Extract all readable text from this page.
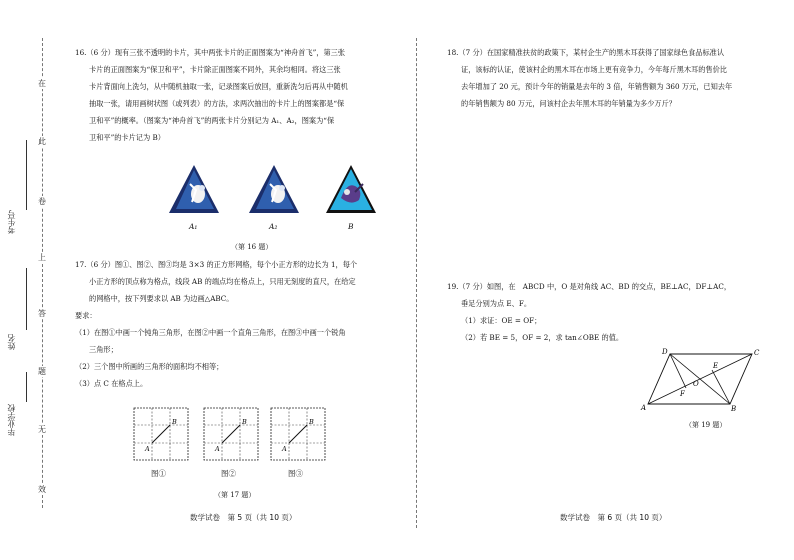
在
此
卷
上
答
题
无
效
考生号
姓名
毕业学校

16.（6 分）现有三张不透明的卡片，其中两张卡片的正面图案为“神舟首飞”，第三张

卡片的正面图案为“保卫和平”，卡片除正面图案不同外，其余均相同。将这三张

卡片背面向上洗匀，从中随机抽取一张，记录图案后放回，重新洗匀后再从中随机

抽取一张，请用画树状图（或列表）的方法，求两次抽出的卡片上的图案都是“保

卫和平”的概率。（图案为“神舟首飞”的两张卡片分别记为 A₁、A₂，图案为“保

卫和平”的卡片记为 B）

A₁	A₂	B
（第 16 题）

17.（6 分）图①、图②、图③均是 3×3 的正方形网格，每个小正方形的边长为 1，每个

小正方形的顶点称为格点，线段 AB 的端点均在格点上，只用无刻度的直尺，在给定

的网格中，按下列要求以 AB 为边画△ABC。

要求：

（1）在图①中画一个钝角三角形，在图②中画一个直角三角形，在图③中画一个锐角

三角形；

（2）三个图中所画的三角形的面积均不相等；

（3）点 C 在格点上。

A
B
A
B
A
B
图①	图②	图③
（第 17 题）
数学试卷　第 5 页（共 10 页）

18.（7 分）在国家精准扶贫的政策下，某村企生产的黑木耳获得了国家绿色食品标准认

证，该标的认证，使该村企的黑木耳在市场上更有竞争力，今年每斤黑木耳的售价比

去年增加了 20 元，预计今年的销量是去年的 3 倍，年销售额为 360 万元，已知去年

的年销售额为 80 万元，问该村企去年黑木耳的年销量为多少万斤？

19.（7 分）如图，在　ABCD 中，O 是对角线 AC、BD 的交点，BE⊥AC，DF⊥AC，

垂足分别为点 E、F。

（1）求证：OE = OF；

（2）若 BE = 5，OF = 2，求 tan∠OBE 的值。

A	B
C
D
O
E
F
（第 19 题）
数学试卷　第 6 页（共 10 页）
